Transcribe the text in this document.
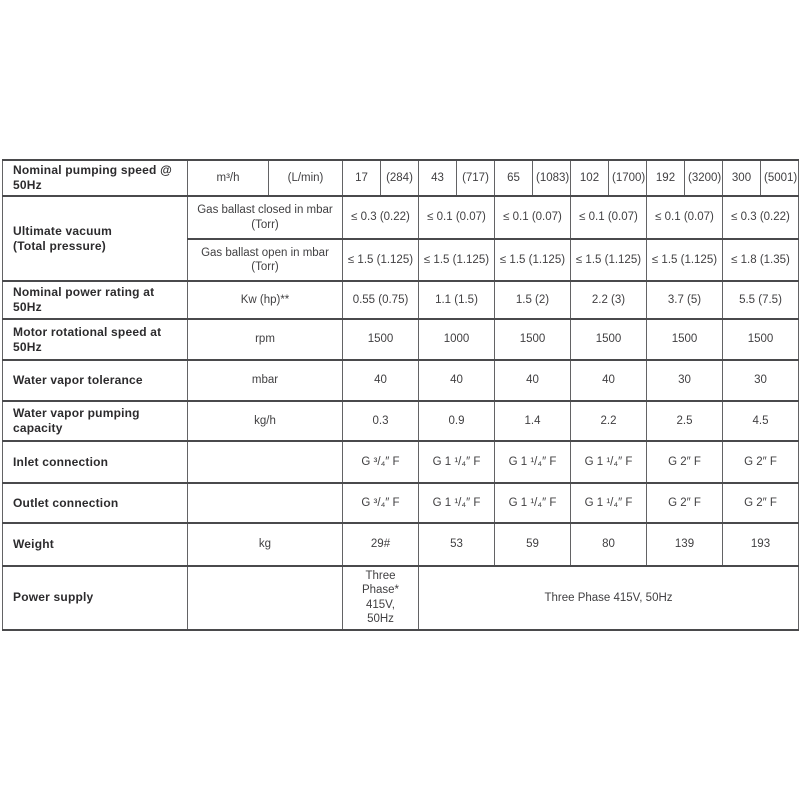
Nominal pumping speed @ 50Hz	m³/h	(L/min)	17	(284)	43	(717)	65	(1083)	102	(1700)	192	(3200)	300	(5001)

Ultimate vacuum
(Total pressure)	Gas ballast closed in mbar (Torr)		≤ 0.3 (0.22)		≤ 0.1 (0.07)		≤ 0.1 (0.07)		≤ 0.1 (0.07)		≤ 0.1 (0.07)		≤ 0.3 (0.22)	
	Gas ballast open in mbar (Torr)		≤ 1.5 (1.125)		≤ 1.5 (1.125)		≤ 1.5 (1.125)		≤ 1.5 (1.125)		≤ 1.5 (1.125)		≤ 1.8 (1.35)	
Nominal power rating at 50Hz	Kw (hp)**		0.55 (0.75)		1.1 (1.5)		1.5 (2)		2.2 (3)		3.7 (5)		5.5 (7.5)	
Motor rotational speed at 50Hz	rpm		1500		1000		1500		1500		1500		1500	
Water vapor tolerance	mbar		40		40		40		40		30		30	
Water vapor pumping capacity	kg/h		0.3		0.9		1.4		2.2		2.5		4.5	
Inlet connection			G ³/₄″ F		G 1 ¹/₄″ F		G 1 ¹/₄″ F		G 1 ¹/₄″ F		G 2″ F		G 2″ F	
Outlet connection			G ³/₄″ F		G 1 ¹/₄″ F		G 1 ¹/₄″ F		G 1 ¹/₄″ F		G 2″ F		G 2″ F	
Weight	kg		29#		53		59		80		139		193	
Power supply			Three Phase*
415V,
50Hz		Three Phase 415V, 50Hz									
